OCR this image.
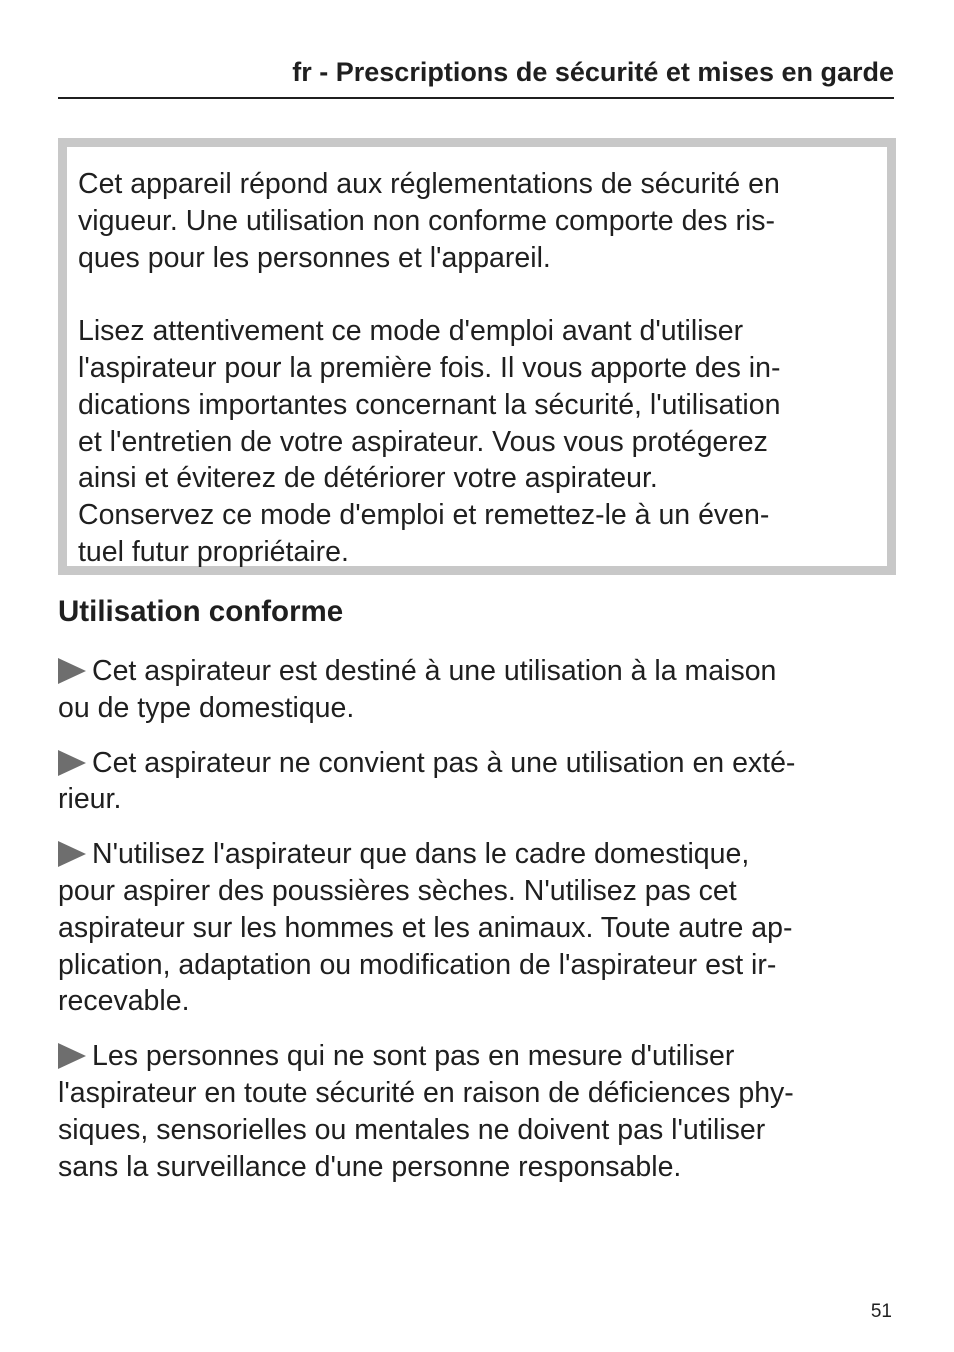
fr - Prescriptions de sécurité et mises en garde

Cet appareil répond aux réglementations de sécurité en
vigueur. Une utilisation non conforme comporte des ris-
ques pour les personnes et l'appareil.

Lisez attentivement ce mode d'emploi avant d'utiliser
l'aspirateur pour la première fois. Il vous apporte des in-
dications importantes concernant la sécurité, l'utilisation
et l'entretien de votre aspirateur. Vous vous protégerez
ainsi et éviterez de détériorer votre aspirateur.
Conservez ce mode d'emploi et remettez-le à un éven-
tuel futur propriétaire.

Utilisation conforme
Cet aspirateur est destiné à une utilisation à la maison
ou de type domestique.
Cet aspirateur ne convient pas à une utilisation en exté-
rieur.
N'utilisez l'aspirateur que dans le cadre domestique,
pour aspirer des poussières sèches. N'utilisez pas cet
aspirateur sur les hommes et les animaux. Toute autre ap-
plication, adaptation ou modification de l'aspirateur est ir-
recevable.
Les personnes qui ne sont pas en mesure d'utiliser
l'aspirateur en toute sécurité en raison de déficiences phy-
siques, sensorielles ou mentales ne doivent pas l'utiliser
sans la surveillance d'une personne responsable.
51
